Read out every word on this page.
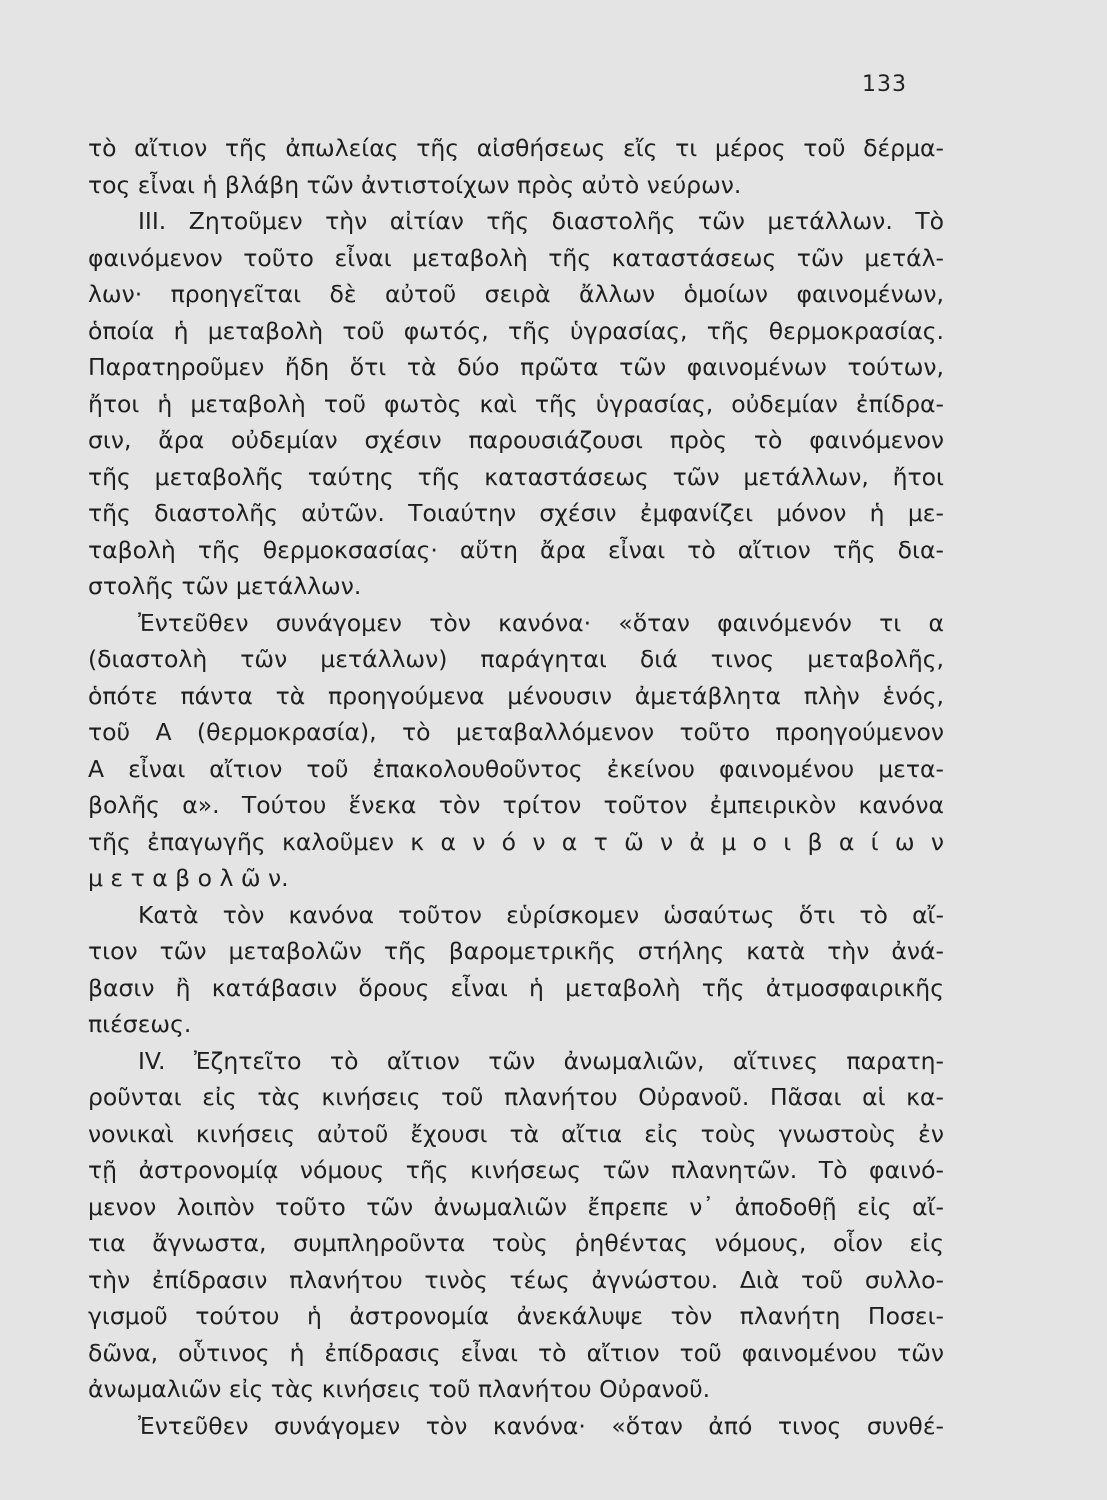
133
τὸ αἴτιον τῆς ἀπωλείας τῆς αἰσθήσεως εἴς τι μέρος τοῦ δέρμα-
τος εἶναι ἡ βλάβη τῶν ἀντιστοίχων πρὸς αὐτὸ νεύρων.
III. Ζητοῦμεν τὴν αἰτίαν τῆς διαστολῆς τῶν μετάλλων. Τὸ
φαινόμενον τοῦτο εἶναι μεταβολὴ τῆς καταστάσεως τῶν μετάλ-
λων· προηγεῖται δὲ αὐτοῦ σειρὰ ἄλλων ὁμοίων φαινομένων,
ὁποία ἡ μεταβολὴ τοῦ φωτός, τῆς ὑγρασίας, τῆς θερμοκρασίας.
Παρατηροῦμεν ἤδη ὅτι τὰ δύο πρῶτα τῶν φαινομένων τούτων,
ἤτοι ἡ μεταβολὴ τοῦ φωτὸς καὶ τῆς ὑγρασίας, οὐδεμίαν ἐπίδρα-
σιν, ἄρα οὐδεμίαν σχέσιν παρουσιάζουσι πρὸς τὸ φαινόμενον
τῆς μεταβολῆς ταύτης τῆς καταστάσεως τῶν μετάλλων, ἤτοι
τῆς διαστολῆς αὐτῶν. Τοιαύτην σχέσιν ἐμφανίζει μόνον ἡ με-
ταβολὴ τῆς θερμοκσασίας· αὕτη ἄρα εἶναι τὸ αἴτιον τῆς δια-
στολῆς τῶν μετάλλων.
Ἐντεῦθεν συνάγομεν τὸν κανόνα· «ὅταν φαινόμενόν τι α
(διαστολὴ τῶν μετάλλων) παράγηται διά τινος μεταβολῆς,
ὁπότε πάντα τὰ προηγούμενα μένουσιν ἀμετάβλητα πλὴν ἑνός,
τοῦ Α (θερμοκρασία), τὸ μεταβαλλόμενον τοῦτο προηγούμενον
Α εἶναι αἴτιον τοῦ ἐπακολουθοῦντος ἐκείνου φαινομένου μετα-
βολῆς α». Τούτου ἕνεκα τὸν τρίτον τοῦτον ἐμπειρικὸν κανόνα
τῆς ἐπαγωγῆς καλοῦμεν κ α ν ό ν α τ ῶ ν ἀ μ ο ι β α ί ω ν
μ ε τ α β ο λ ῶ ν.
Κατὰ τὸν κανόνα τοῦτον εὑρίσκομεν ὡσαύτως ὅτι τὸ αἴ-
τιον τῶν μεταβολῶν τῆς βαρομετρικῆς στήλης κατὰ τὴν ἀνά-
βασιν ἢ κατάβασιν ὅρους εἶναι ἡ μεταβολὴ τῆς ἀτμοσφαιρικῆς
πιέσεως.
IV. Ἐζητεῖτο τὸ αἴτιον τῶν ἀνωμαλιῶν, αἵτινες παρατη-
ροῦνται εἰς τὰς κινήσεις τοῦ πλανήτου Οὐρανοῦ. Πᾶσαι αἱ κα-
νονικαὶ κινήσεις αὐτοῦ ἔχουσι τὰ αἴτια εἰς τοὺς γνωστοὺς ἐν
τῇ ἀστρονομίᾳ νόμους τῆς κινήσεως τῶν πλανητῶν. Τὸ φαινό-
μενον λοιπὸν τοῦτο τῶν ἀνωμαλιῶν ἔπρεπε ν᾽ ἀποδοθῇ εἰς αἴ-
τια ἄγνωστα, συμπληροῦντα τοὺς ῥηθέντας νόμους, οἷον εἰς
τὴν ἐπίδρασιν πλανήτου τινὸς τέως ἀγνώστου. Διὰ τοῦ συλλο-
γισμοῦ τούτου ἡ ἀστρονομία ἀνεκάλυψε τὸν πλανήτη Ποσει-
δῶνα, οὗτινος ἡ ἐπίδρασις εἶναι τὸ αἴτιον τοῦ φαινομένου τῶν
ἀνωμαλιῶν εἰς τὰς κινήσεις τοῦ πλανήτου Οὐρανοῦ.
Ἐντεῦθεν συνάγομεν τὸν κανόνα· «ὅταν ἀπό τινος συνθέ-
